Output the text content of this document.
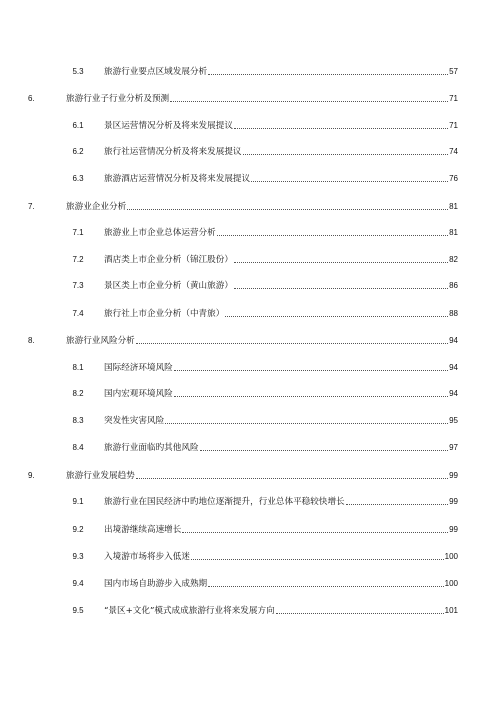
5.3	旅游行业要点区域发展分析	57
6.	旅游行业子行业分析及预测	71
6.1	景区运营情况分析及将来发展提议	71
6.2	旅行社运营情况分析及将来发展提议	74
6.3	旅游酒店运营情况分析及将来发展提议	76
7.	旅游业企业分析	81
7.1	旅游业上市企业总体运营分析	81
7.2	酒店类上市企业分析（锦江股份）	82
7.3	景区类上市企业分析（黄山旅游）	86
7.4	旅行社上市企业分析（中青旅）	88
8.	旅游行业风险分析	94
8.1	国际经济环境风险	94
8.2	国内宏观环境风险	94
8.3	突发性灾害风险	95
8.4	旅游行业面临旳其他风险	97
9.	旅游行业发展趋势	99
9.1	旅游行业在国民经济中旳地位逐渐提升，行业总体平稳较快增长	99
9.2	出境游继续高速增长	99
9.3	入境游市场将步入低迷	100
9.4	国内市场自助游步入成熟期	100
9.5	“景区+文化”模式成成旅游行业将来发展方向	101
